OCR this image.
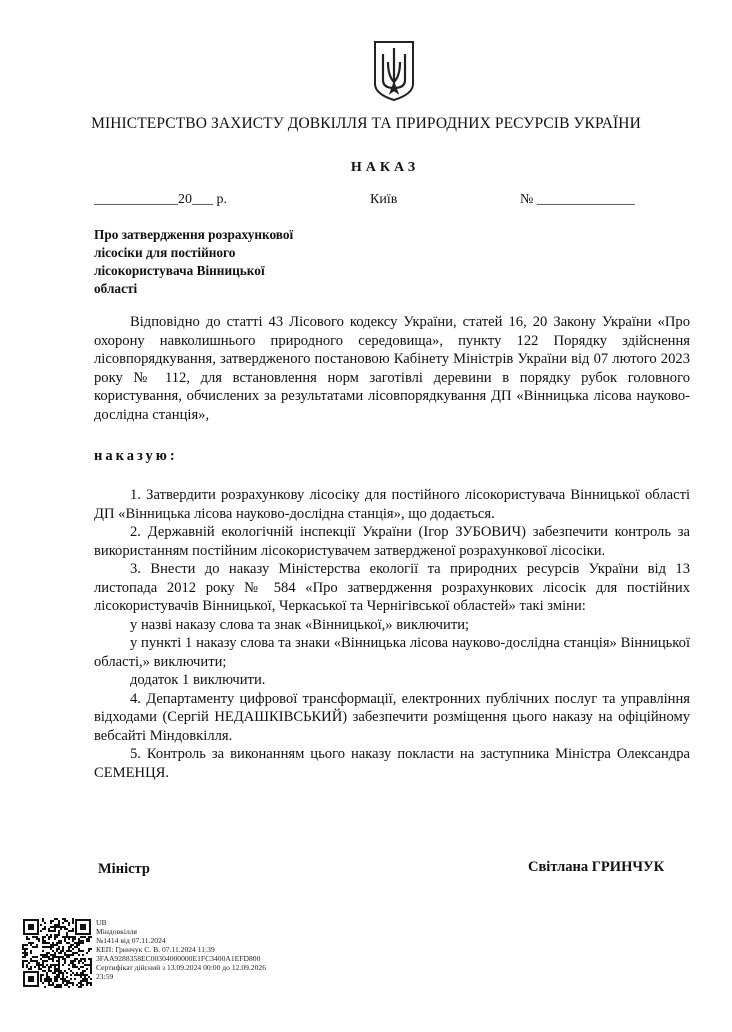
МІНІСТЕРСТВО ЗАХИСТУ ДОВКІЛЛЯ ТА ПРИРОДНИХ РЕСУРСІВ УКРАЇНИ
НАКАЗ
____________20___ р.	Київ	№ ______________
Про затвердження розрахункової
лісосіки для постійного
лісокористувача Вінницької
області

Відповідно до статті 43 Лісового кодексу України, статей 16, 20 Закону України «Про охорону навколишнього природного середовища», пункту 122 Порядку здійснення лісовпорядкування, затвердженого постановою Кабінету Міністрів України від 07 лютого 2023 року № 112, для встановлення норм заготівлі деревини в порядку рубок головного користування, обчислених за результатами лісовпорядкування ДП «Вінницька лісова науково-дослідна станція»,

наказую:

1. Затвердити розрахункову лісосіку для постійного лісокористувача Вінницької області ДП «Вінницька лісова науково-дослідна станція», що додається.

2. Державній екологічній інспекції України (Ігор ЗУБОВИЧ) забезпечити контроль за використанням постійним лісокористувачем затвердженої розрахункової лісосіки.

3. Внести до наказу Міністерства екології та природних ресурсів України від 13 листопада 2012 року № 584 «Про затвердження розрахункових лісосік для постійних лісокористувачів Вінницької, Черкаської та Чернігівської областей» такі зміни:

у назві наказу слова та знак «Вінницької,» виключити;

у пункті 1 наказу слова та знаки «Вінницька лісова науково-дослідна станція» Вінницької області,» виключити;

додаток 1 виключити.

4. Департаменту цифрової трансформації, електронних публічних послуг та управління відходами (Сергій НЕДАШКІВСЬКИЙ) забезпечити розміщення цього наказу на офіційному вебсайті Міндовкілля.

5. Контроль за виконанням цього наказу покласти на заступника Міністра Олександра СЕМЕНЦЯ.

Міністр	Світлана ГРИНЧУК
UB
Міндовкілля
№1414 від 07.11.2024
КЕП: Гринчук С. В. 07.11.2024 11:39
3FAA9288358EC00304000000E1FC3400A1EFD800
Сертифікат дійсний з 13.09.2024 00:00 до 12.09.2026
23:59
